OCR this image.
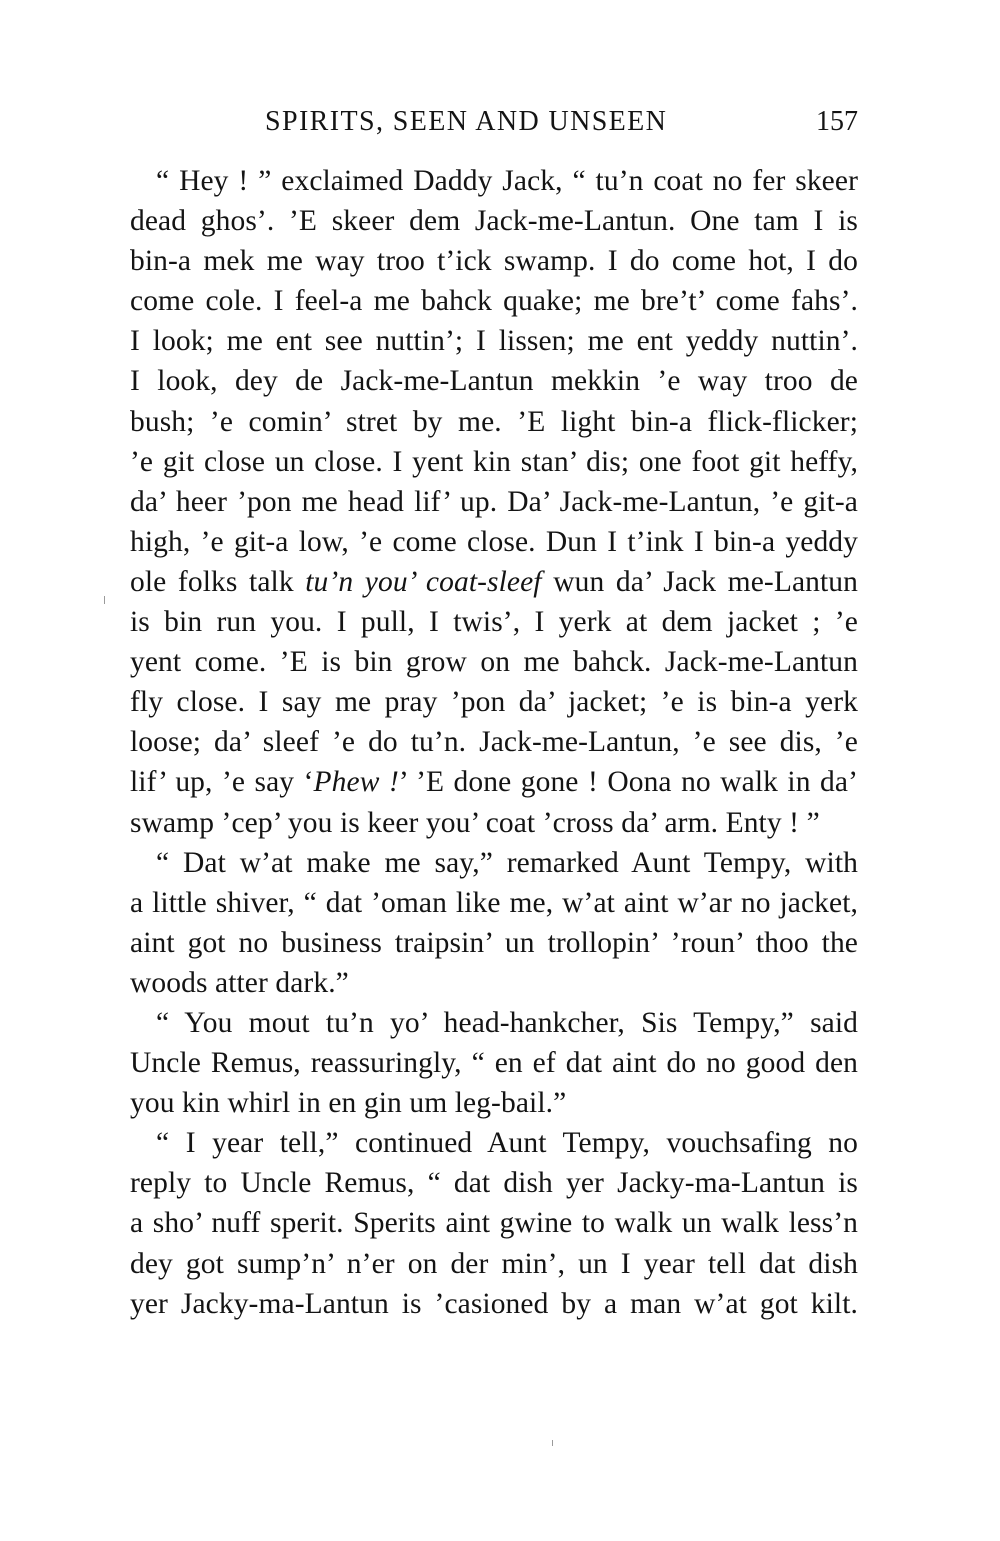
SPIRITS, SEEN AND UNSEEN	157
“ Hey ! ” exclaimed Daddy Jack, “ tu’n coat no fer skeer
dead ghos’. ’E skeer dem Jack-me-Lantun. One tam I is
bin-a mek me way troo t’ick swamp. I do come hot, I do
come cole. I feel-a me bahck quake; me bre’t’ come fahs’.
I look; me ent see nuttin’; I lissen; me ent yeddy nuttin’.
I look, dey de Jack-me-Lantun mekkin ’e way troo de
bush; ’e comin’ stret by me. ’E light bin-a flick-flicker;
’e git close un close. I yent kin stan’ dis; one foot git heffy,
da’ heer ’pon me head lif’ up. Da’ Jack-me-Lantun, ’e git-a
high, ’e git-a low, ’e come close. Dun I t’ink I bin-a yeddy
ole folks talk tu’n you’ coat-sleef wun da’ Jack me-Lantun
is bin run you. I pull, I twis’, I yerk at dem jacket ; ’e
yent come. ’E is bin grow on me bahck. Jack-me-Lantun
fly close. I say me pray ’pon da’ jacket; ’e is bin-a yerk
loose; da’ sleef ’e do tu’n. Jack-me-Lantun, ’e see dis, ’e
lif’ up, ’e say ‘Phew !’ ’E done gone ! Oona no walk in da’
swamp ’cep’ you is keer you’ coat ’cross da’ arm. Enty ! ”
“ Dat w’at make me say,” remarked Aunt Tempy, with
a little shiver, “ dat ’oman like me, w’at aint w’ar no jacket,
aint got no business traipsin’ un trollopin’ ’roun’ thoo the
woods atter dark.”
“ You mout tu’n yo’ head-hankcher, Sis Tempy,” said
Uncle Remus, reassuringly, “ en ef dat aint do no good den
you kin whirl in en gin um leg-bail.”
“ I year tell,” continued Aunt Tempy, vouchsafing no
reply to Uncle Remus, “ dat dish yer Jacky-ma-Lantun is
a sho’ nuff sperit. Sperits aint gwine to walk un walk less’n
dey got sump’n’ n’er on der min’, un I year tell dat dish
yer Jacky-ma-Lantun is ’casioned by a man w’at got kilt.
